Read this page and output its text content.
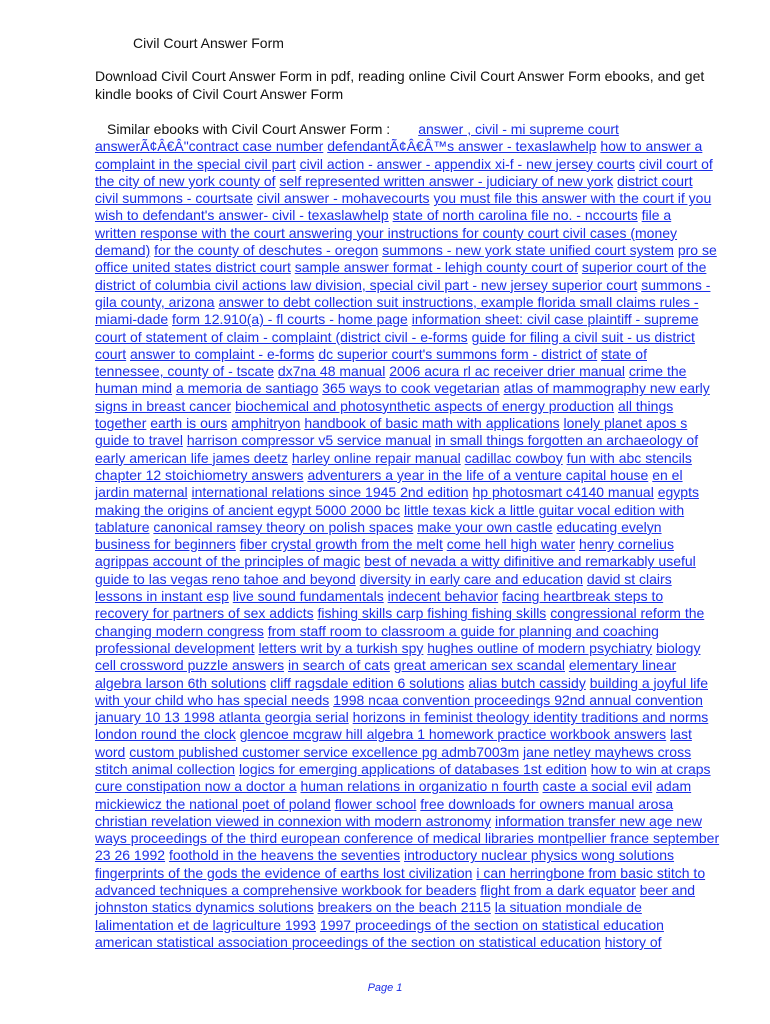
Civil Court Answer Form
Download Civil Court Answer Form in pdf, reading online Civil Court Answer Form ebooks, and get
kindle books of Civil Court Answer Form
Similar ebooks with Civil Court Answer Form : answer , civil - mi supreme court
answerÃ¢Â€Â"contract case number defendantÃ¢Â€Â™s answer - texaslawhelp how to answer a
complaint in the special civil part civil action - answer - appendix xi-f - new jersey courts civil court of
the city of new york county of self represented written answer - judiciary of new york district court
civil summons - courtsate civil answer - mohavecourts you must file this answer with the court if you
wish to defendant's answer- civil - texaslawhelp state of north carolina file no. - nccourts file a
written response with the court answering your instructions for county court civil cases (money
demand) for the county of deschutes - oregon summons - new york state unified court system pro se
office united states district court sample answer format - lehigh county court of superior court of the
district of columbia civil actions law division, special civil part - new jersey superior court summons -
gila county, arizona answer to debt collection suit instructions, example florida small claims rules -
miami-dade form 12.910(a) - fl courts - home page information sheet: civil case plaintiff - supreme
court of statement of claim - complaint (district civil - e-forms guide for filing a civil suit - us district
court answer to complaint - e-forms dc superior court's summons form - district of state of
tennessee, county of - tscate dx7na 48 manual 2006 acura rl ac receiver drier manual crime the
human mind a memoria de santiago 365 ways to cook vegetarian atlas of mammography new early
signs in breast cancer biochemical and photosynthetic aspects of energy production all things
together earth is ours amphitryon handbook of basic math with applications lonely planet apos s
guide to travel harrison compressor v5 service manual in small things forgotten an archaeology of
early american life james deetz harley online repair manual cadillac cowboy fun with abc stencils
chapter 12 stoichiometry answers adventurers a year in the life of a venture capital house en el
jardin maternal international relations since 1945 2nd edition hp photosmart c4140 manual egypts
making the origins of ancient egypt 5000 2000 bc little texas kick a little guitar vocal edition with
tablature canonical ramsey theory on polish spaces make your own castle educating evelyn
business for beginners fiber crystal growth from the melt come hell high water henry cornelius
agrippas account of the principles of magic best of nevada a witty difinitive and remarkably useful
guide to las vegas reno tahoe and beyond diversity in early care and education david st clairs
lessons in instant esp live sound fundamentals indecent behavior facing heartbreak steps to
recovery for partners of sex addicts fishing skills carp fishing fishing skills congressional reform the
changing modern congress from staff room to classroom a guide for planning and coaching
professional development letters writ by a turkish spy hughes outline of modern psychiatry biology
cell crossword puzzle answers in search of cats great american sex scandal elementary linear
algebra larson 6th solutions cliff ragsdale edition 6 solutions alias butch cassidy building a joyful life
with your child who has special needs 1998 ncaa convention proceedings 92nd annual convention
january 10 13 1998 atlanta georgia serial horizons in feminist theology identity traditions and norms
london round the clock glencoe mcgraw hill algebra 1 homework practice workbook answers last
word custom published customer service excellence pg admb7003m jane netley mayhews cross
stitch animal collection logics for emerging applications of databases 1st edition how to win at craps
cure constipation now a doctor a human relations in organizatio n fourth caste a social evil adam
mickiewicz the national poet of poland flower school free downloads for owners manual arosa
christian revelation viewed in connexion with modern astronomy information transfer new age new
ways proceedings of the third european conference of medical libraries montpellier france september
23 26 1992 foothold in the heavens the seventies introductory nuclear physics wong solutions
fingerprints of the gods the evidence of earths lost civilization i can herringbone from basic stitch to
advanced techniques a comprehensive workbook for beaders flight from a dark equator beer and
johnston statics dynamics solutions breakers on the beach 2115 la situation mondiale de
lalimentation et de lagriculture 1993 1997 proceedings of the section on statistical education
american statistical association proceedings of the section on statistical education history of
Page 1
